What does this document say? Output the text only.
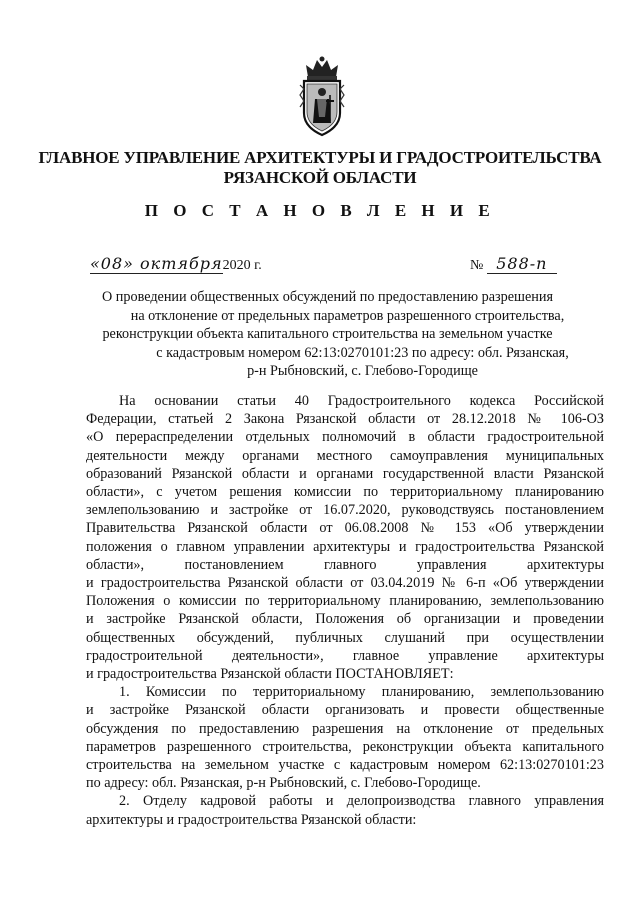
ГЛАВНОЕ УПРАВЛЕНИЕ АРХИТЕКТУРЫ И ГРАДОСТРОИТЕЛЬСТВА
РЯЗАНСКОЙ ОБЛАСТИ
П О С Т А Н О В Л Е Н И Е
«08» октября2020 г.	№ 588-п
О проведении общественных обсуждений по предоставлению разрешения
на отклонение от предельных параметров разрешенного строительства,
реконструкции объекта капитального строительства на земельном участке
с кадастровым номером 62:13:0270101:23 по адресу: обл. Рязанская,
р-н Рыбновский, с. Глебово-Городище

На основании статьи 40 Градостроительного кодекса Российской
Федерации, статьей 2 Закона Рязанской области от 28.12.2018 № 106-ОЗ
«О перераспределении отдельных полномочий в области градостроительной
деятельности между органами местного самоуправления муниципальных
образований Рязанской области и органами государственной власти Рязанской
области», с учетом решения комиссии по территориальному планированию
землепользованию и застройке от 16.07.2020, руководствуясь постановлением
Правительства Рязанской области от 06.08.2008 № 153 «Об утверждении
положения о главном управлении архитектуры и градостроительства Рязанской
области», постановлением главного управления архитектуры
и градостроительства Рязанской области от 03.04.2019 № 6-п «Об утверждении
Положения о комиссии по территориальному планированию, землепользованию
и застройке Рязанской области, Положения об организации и проведении
общественных обсуждений, публичных слушаний при осуществлении
градостроительной деятельности», главное управление архитектуры
и градостроительства Рязанской области ПОСТАНОВЛЯЕТ:

1. Комиссии по территориальному планированию, землепользованию
и застройке Рязанской области организовать и провести общественные
обсуждения по предоставлению разрешения на отклонение от предельных
параметров разрешенного строительства, реконструкции объекта капитального
строительства на земельном участке с кадастровым номером 62:13:0270101:23
по адресу: обл. Рязанская, р-н Рыбновский, с. Глебово-Городище.

2. Отделу кадровой работы и делопроизводства главного управления
архитектуры и градостроительства Рязанской области:
